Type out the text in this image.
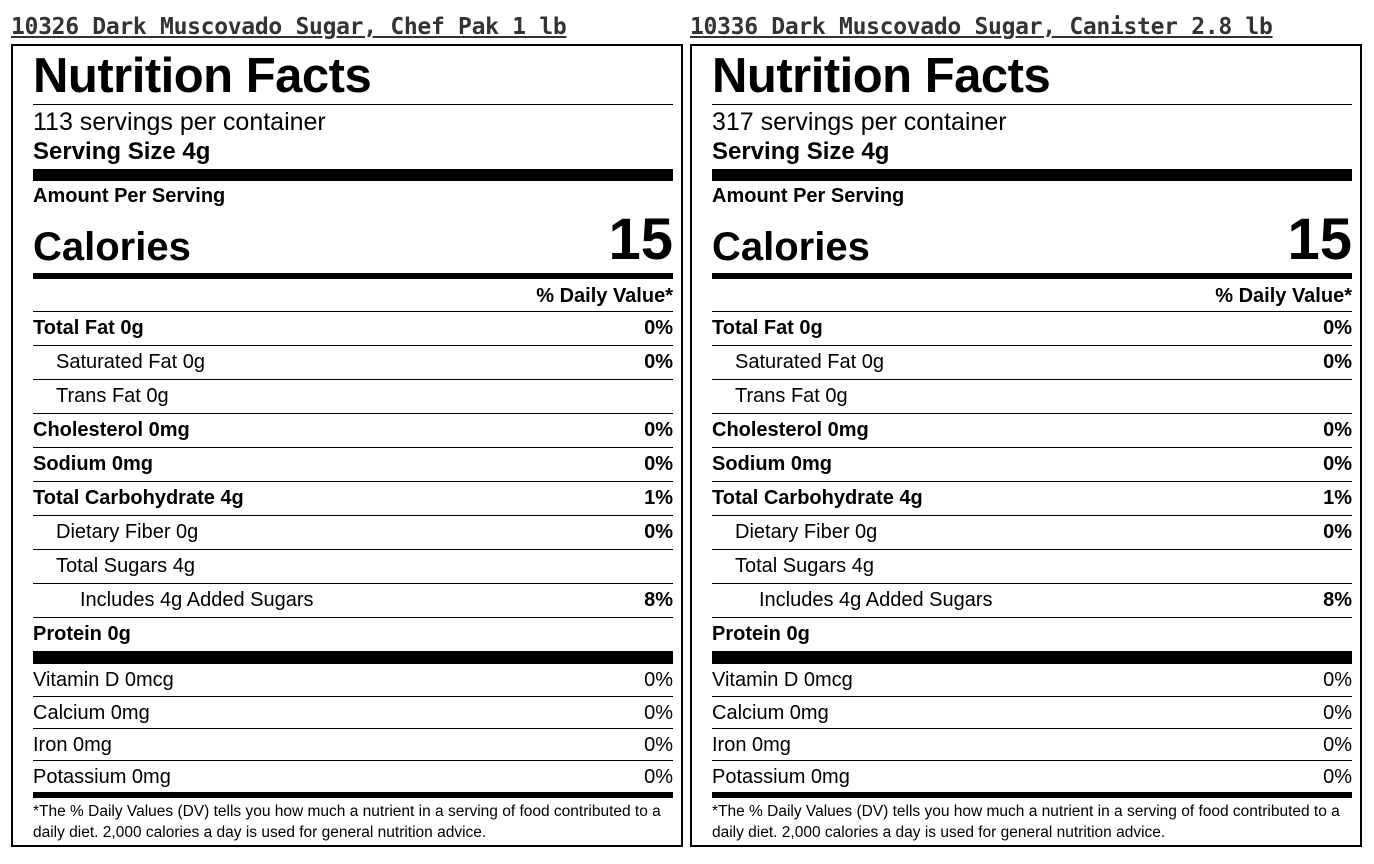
10326 Dark Muscovado Sugar, Chef Pak 1 lb
Nutrition Facts
113 servings per container
Serving Size 4g
Amount Per Serving
Calories	15
% Daily Value*
Total Fat 0g	0%
Saturated Fat 0g	0%
Trans Fat 0g
Cholesterol 0mg	0%
Sodium 0mg	0%
Total Carbohydrate 4g	1%
Dietary Fiber 0g	0%
Total Sugars 4g
Includes 4g Added Sugars	8%
Protein 0g
Vitamin D 0mcg	0%
Calcium 0mg	0%
Iron 0mg	0%
Potassium 0mg	0%
*The % Daily Values (DV) tells you how much a nutrient in a serving of food contributed to a daily diet. 2,000 calories a day is used for general nutrition advice.
10336 Dark Muscovado Sugar, Canister 2.8 lb
Nutrition Facts
317 servings per container
Serving Size 4g
Amount Per Serving
Calories	15
% Daily Value*
Total Fat 0g	0%
Saturated Fat 0g	0%
Trans Fat 0g
Cholesterol 0mg	0%
Sodium 0mg	0%
Total Carbohydrate 4g	1%
Dietary Fiber 0g	0%
Total Sugars 4g
Includes 4g Added Sugars	8%
Protein 0g
Vitamin D 0mcg	0%
Calcium 0mg	0%
Iron 0mg	0%
Potassium 0mg	0%
*The % Daily Values (DV) tells you how much a nutrient in a serving of food contributed to a daily diet. 2,000 calories a day is used for general nutrition advice.
